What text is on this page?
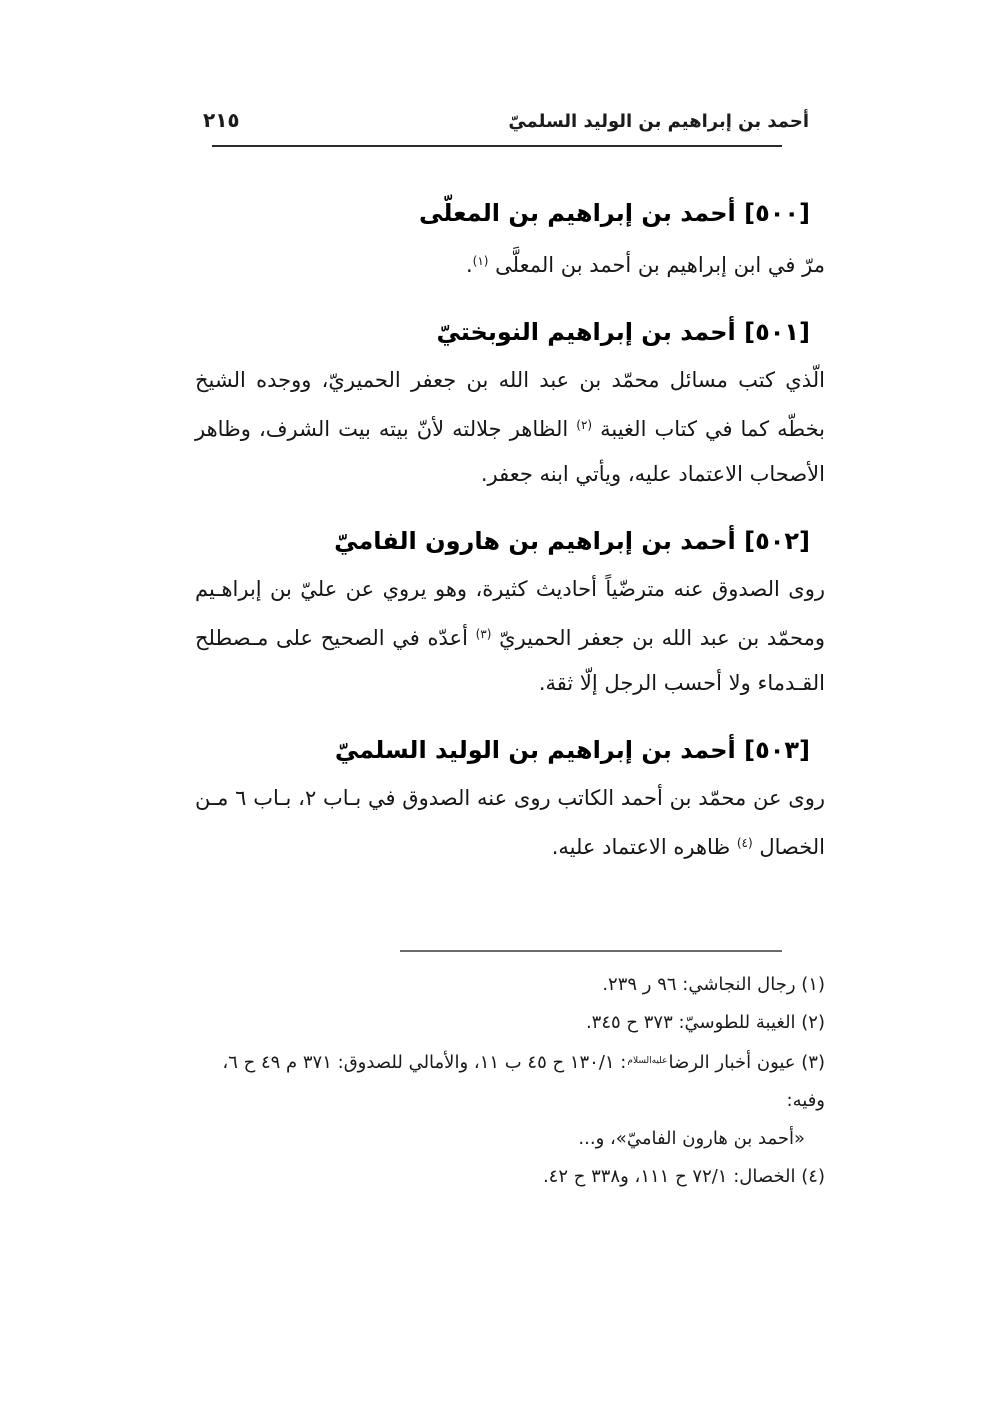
أحمد بن إبراهيم بن الوليد السلميّ
٢١٥
[٥٠٠] أحمد بن إبراهيم بن المعلّى

مرّ في ابن إبراهيم بن أحمد بن المعلَّى $^{(١)}$.

[٥٠١] أحمد بن إبراهيم النوبختيّ

الّذي كتب مسائل محمّد بن عبد الله بن جعفر الحميريّ، ووجده الشيخ بخطّه كما في كتاب الغيبة $^{(٢)}$ الظاهر جلالته لأنّ بيته بيت الشرف، وظاهر الأصحاب الاعتماد عليه، ويأتي ابنه جعفر.

[٥٠٢] أحمد بن إبراهيم بن هارون الفاميّ

روى الصدوق عنه مترضّياً أحاديث كثيرة، وهو يروي عن عليّ بن إبراهـيم ومحمّد بن عبد الله بن جعفر الحميريّ $^{(٣)}$ أعدّه في الصحيح على مـصطلح القـدماء ولا أحسب الرجل إلّا ثقة.

[٥٠٣] أحمد بن إبراهيم بن الوليد السلميّ

روى عن محمّد بن أحمد الكاتب روى عنه الصدوق في بـاب ٢، بـاب ٦ مـن الخصال $^{(٤)}$ ظاهره الاعتماد عليه.

(١) رجال النجاشي: ٩٦ ر ٢٣٩.

(٢) الغيبة للطوسيّ: ٣٧٣ ح ٣٤٥.

(٣) عيون أخبار الرضا$^{عليه‌السلام}$: ١٣٠/١ ح ٤٥ ب ١١، والأمالي للصدوق: ٣٧١ م ٤٩ ح ٦، وفيه:

«أحمد بن هارون الفاميّ»، و...

(٤) الخصال: ٧٢/١ ح ١١١، و٣٣٨ ح ٤٢.
